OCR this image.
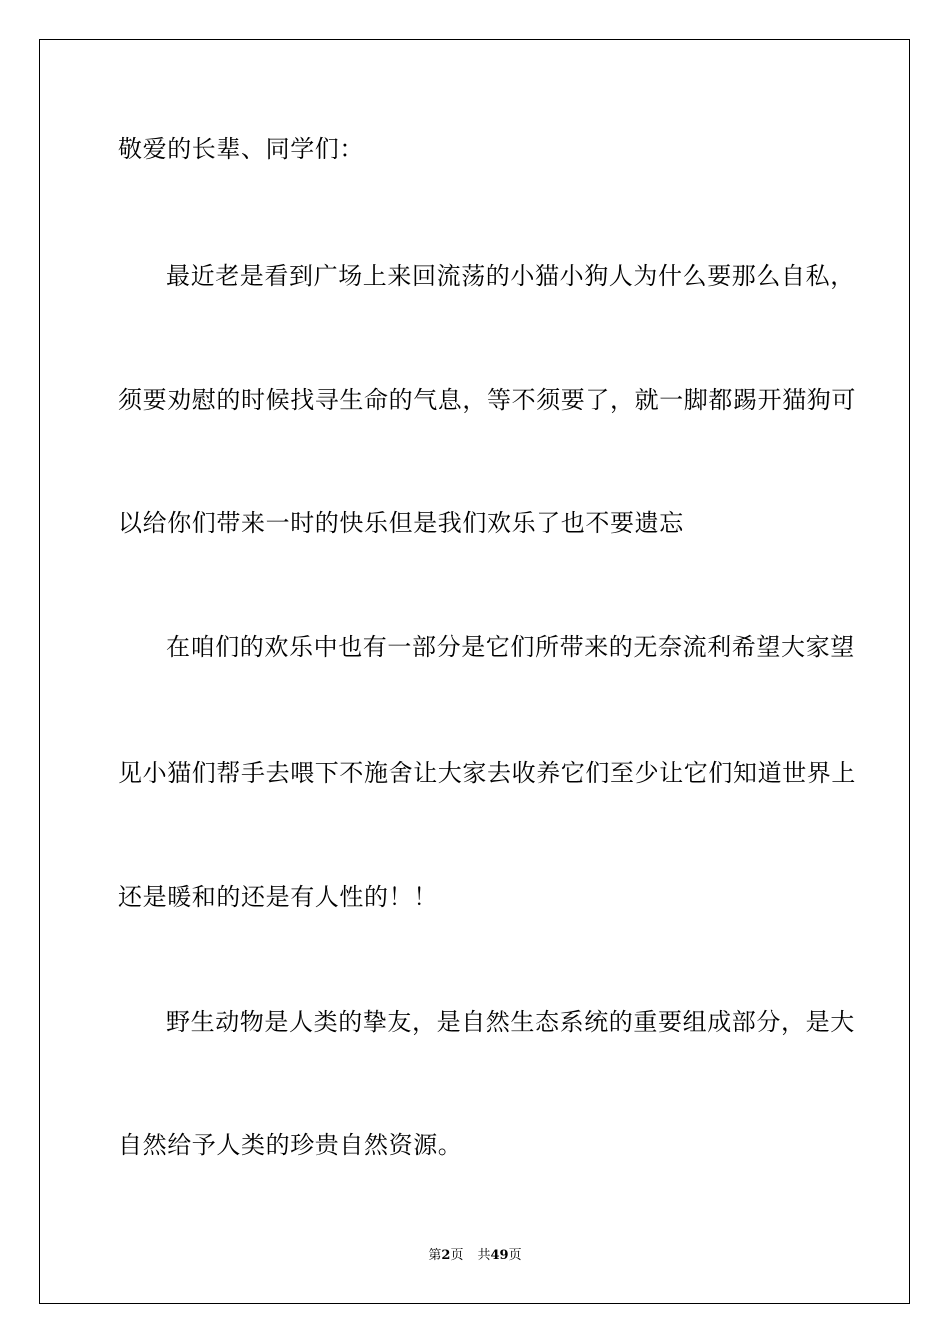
敬爱的长辈、同学们：
最近老是看到广场上来回流荡的小猫小狗人为什么要那么自私，
须要劝慰的时候找寻生命的气息，等不须要了，就一脚都踢开猫狗可
以给你们带来一时的快乐但是我们欢乐了也不要遗忘
在咱们的欢乐中也有一部分是它们所带来的无奈流利希望大家望
见小猫们帮手去喂下不施舍让大家去收养它们至少让它们知道世界上
还是暖和的还是有人性的！！
野生动物是人类的挚友，是自然生态系统的重要组成部分，是大
自然给予人类的珍贵自然资源。
第2页 共49页
